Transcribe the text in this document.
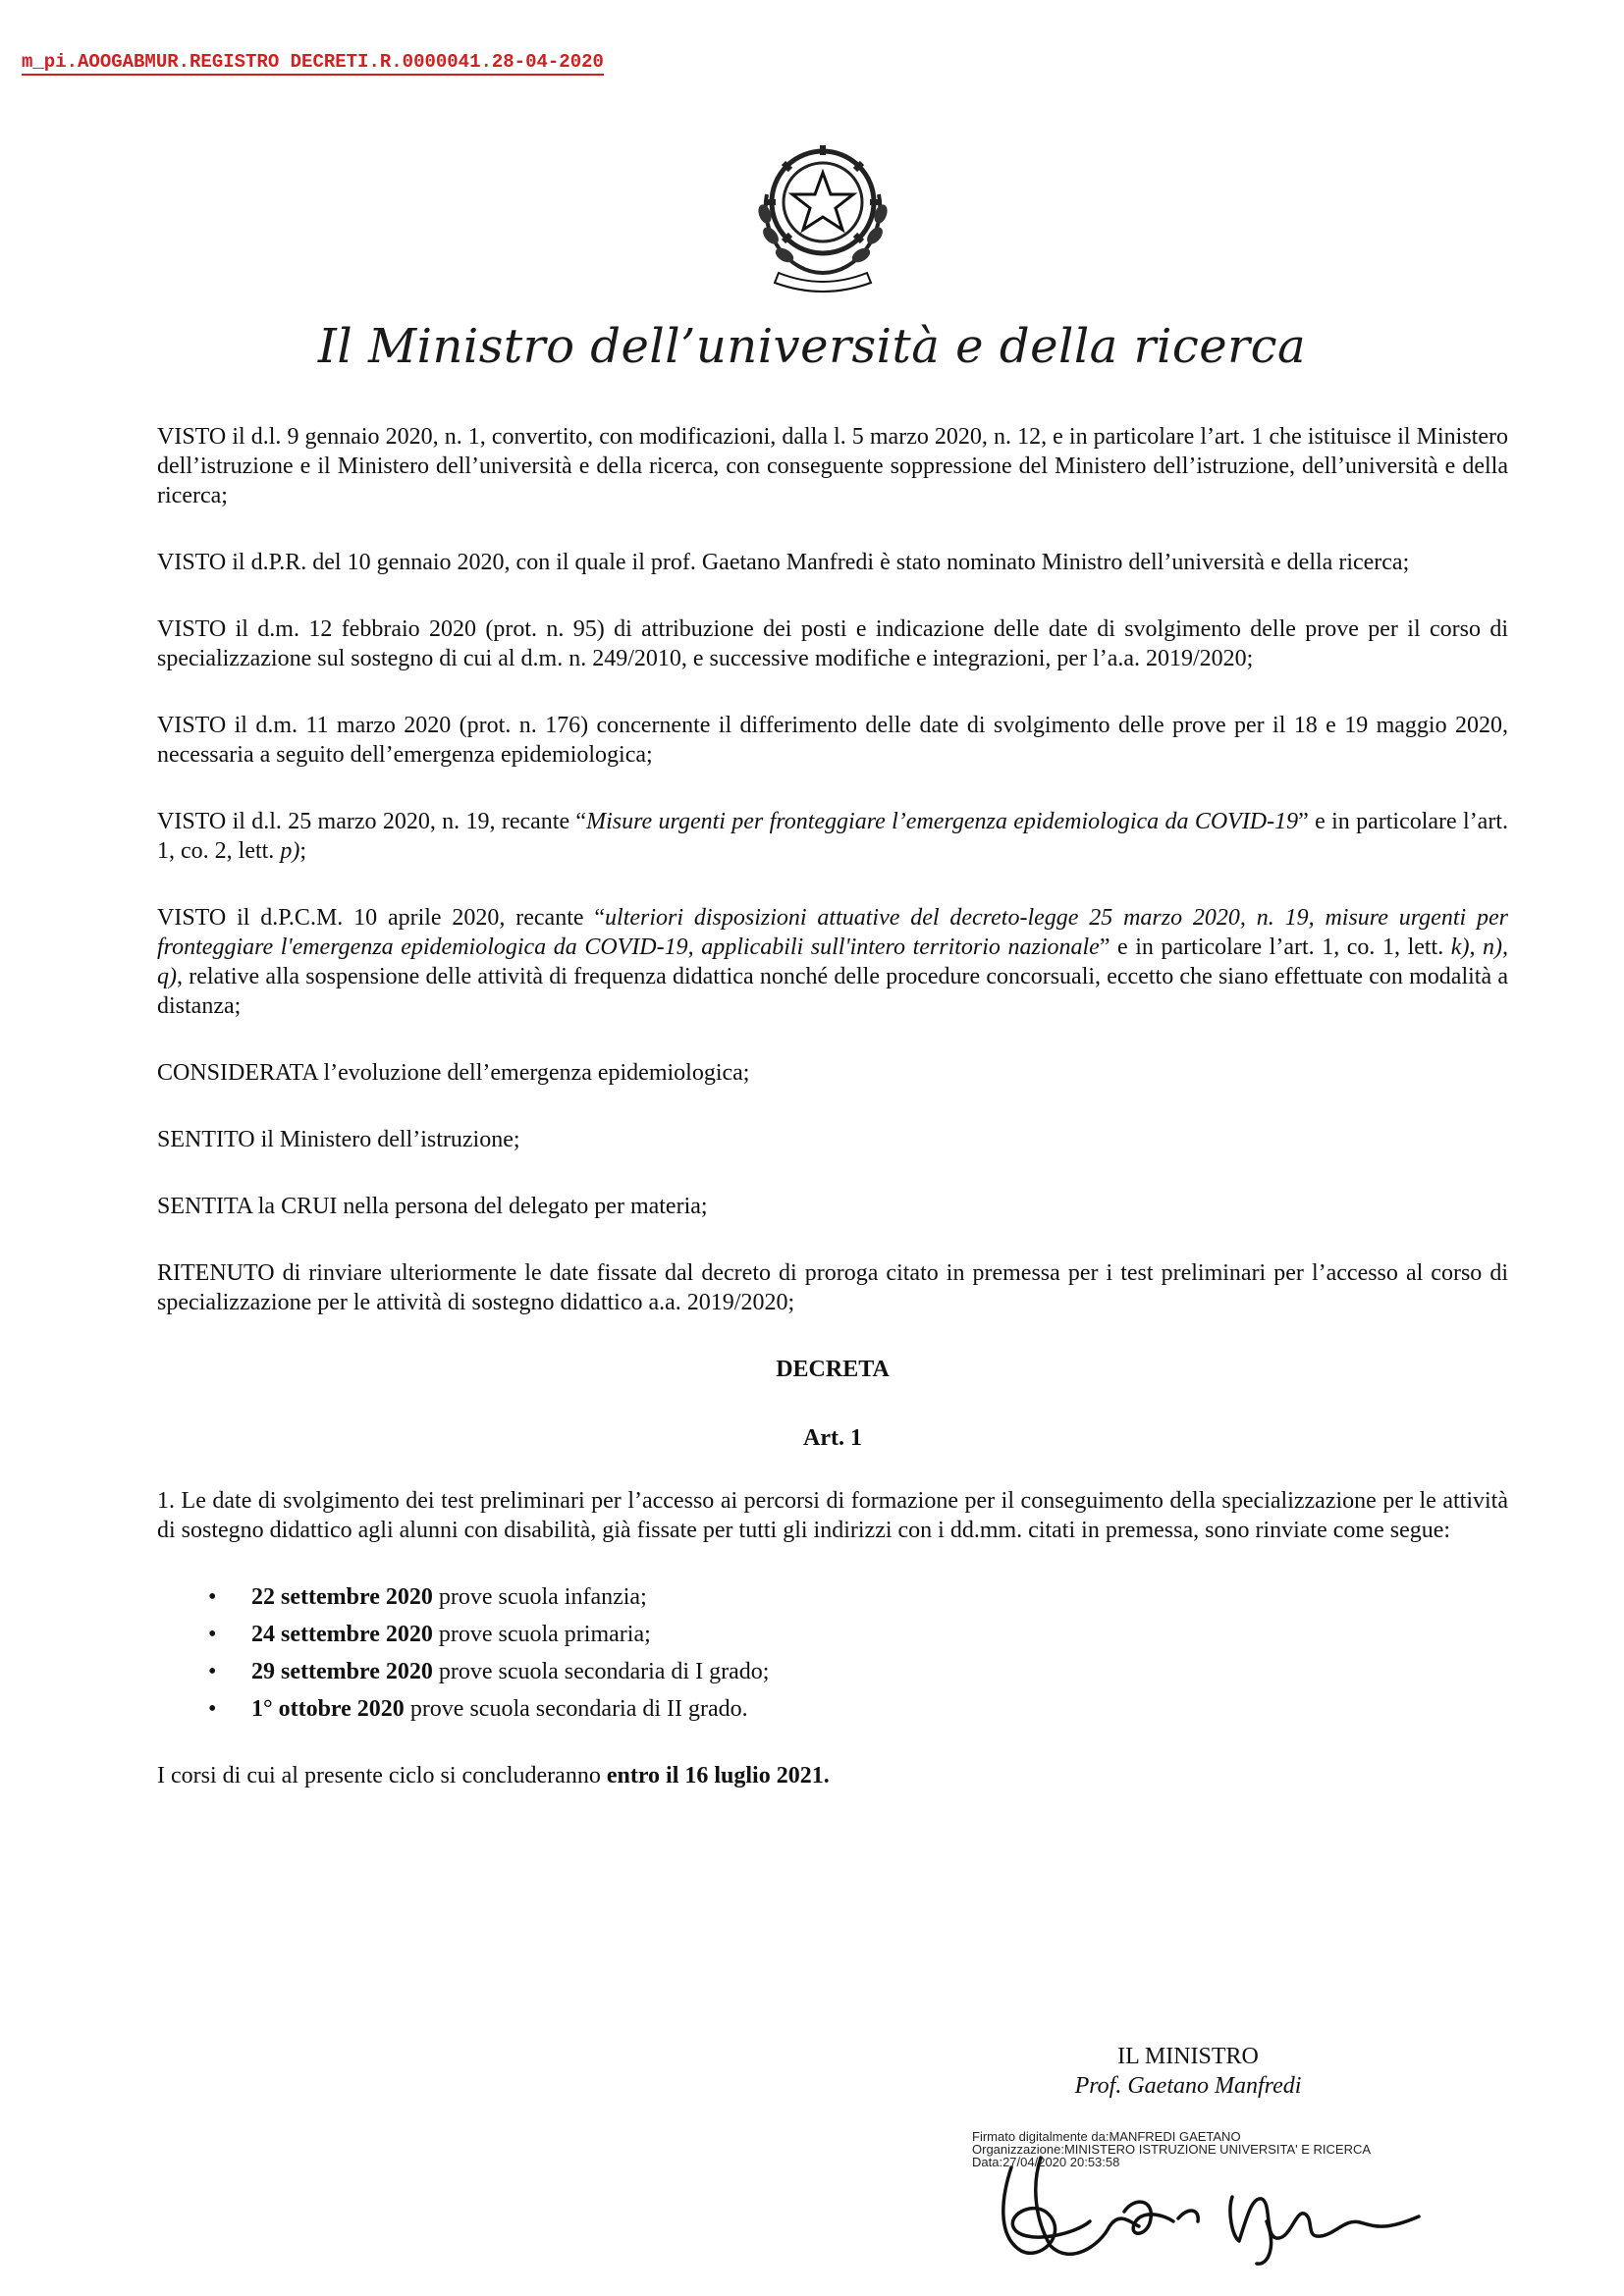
m_pi.AOOGABMUR.REGISTRO DECRETI.R.0000041.28-04-2020
Il Ministro dell’università e della ricerca

VISTO il d.l. 9 gennaio 2020, n. 1, convertito, con modificazioni, dalla l. 5 marzo 2020, n. 12, e in particolare l’art. 1 che istituisce il Ministero dell’istruzione e il Ministero dell’università e della ricerca, con conseguente soppressione del Ministero dell’istruzione, dell’università e della ricerca;

VISTO il d.P.R. del 10 gennaio 2020, con il quale il prof. Gaetano Manfredi è stato nominato Ministro dell’università e della ricerca;

VISTO il d.m. 12 febbraio 2020 (prot. n. 95) di attribuzione dei posti e indicazione delle date di svolgimento delle prove per il corso di specializzazione sul sostegno di cui al d.m. n. 249/2010, e successive modifiche e integrazioni, per l’a.a. 2019/2020;

VISTO il d.m. 11 marzo 2020 (prot. n. 176) concernente il differimento delle date di svolgimento delle prove per il 18 e 19 maggio 2020, necessaria a seguito dell’emergenza epidemiologica;

VISTO il d.l. 25 marzo 2020, n. 19, recante “Misure urgenti per fronteggiare l’emergenza epidemiologica da COVID-19” e in particolare l’art. 1, co. 2, lett. p);

VISTO il d.P.C.M. 10 aprile 2020, recante “ulteriori disposizioni attuative del decreto-legge 25 marzo 2020, n. 19, misure urgenti per fronteggiare l'emergenza epidemiologica da COVID-19, applicabili sull'intero territorio nazionale” e in particolare l’art. 1, co. 1, lett. k), n), q), relative alla sospensione delle attività di frequenza didattica nonché delle procedure concorsuali, eccetto che siano effettuate con modalità a distanza;

CONSIDERATA l’evoluzione dell’emergenza epidemiologica;

SENTITO il Ministero dell’istruzione;

SENTITA la CRUI nella persona del delegato per materia;

RITENUTO di rinviare ulteriormente le date fissate dal decreto di proroga citato in premessa per i test preliminari per l’accesso al corso di specializzazione per le attività di sostegno didattico a.a. 2019/2020;

DECRETA

Art. 1

1. Le date di svolgimento dei test preliminari per l’accesso ai percorsi di formazione per il conseguimento della specializzazione per le attività di sostegno didattico agli alunni con disabilità, già fissate per tutti gli indirizzi con i dd.mm. citati in premessa, sono rinviate come segue:

• 22 settembre 2020 prove scuola infanzia;
• 24 settembre 2020 prove scuola primaria;
• 29 settembre 2020 prove scuola secondaria di I grado;
• 1° ottobre 2020 prove scuola secondaria di II grado.

I corsi di cui al presente ciclo si concluderanno entro il 16 luglio 2021.

IL MINISTRO
Prof. Gaetano Manfredi
Firmato digitalmente da:MANFREDI GAETANO
Organizzazione:MINISTERO ISTRUZIONE UNIVERSITA' E RICERCA
Data:27/04/2020 20:53:58
